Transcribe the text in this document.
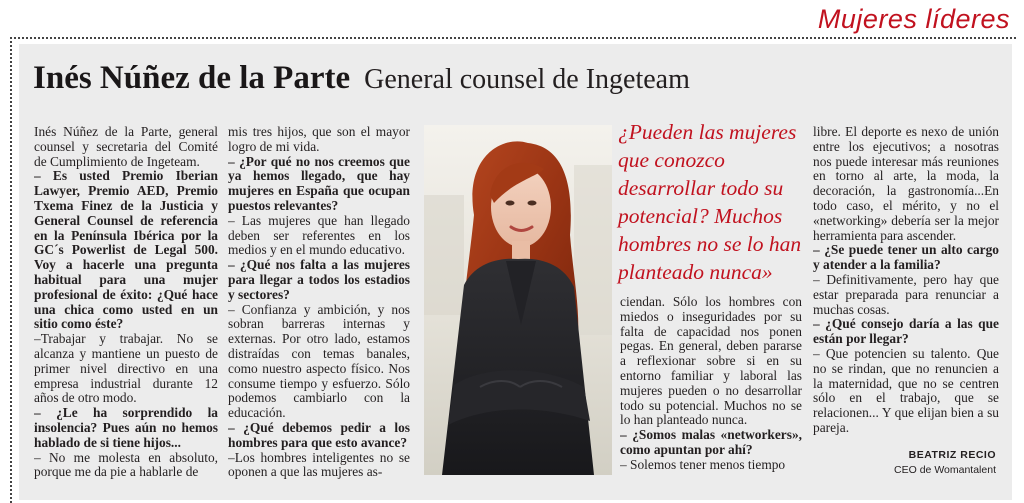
Mujeres líderes
Inés Núñez de la Parte General counsel de Ingeteam

Inés Núñez de la Parte, general counsel y secretaria del Comité de Cumplimiento de Ingeteam.

– Es usted Premio Iberian Lawyer, Premio AED, Premio Txema Finez de la Justicia y General Counsel de referencia en la Península Ibérica por la GC´s Powerlist de Legal 500. Voy a hacerle una pregunta habitual para una mujer profesional de éxito: ¿Qué hace una chica como usted en un sitio como éste?

–Trabajar y trabajar. No se alcanza y mantiene un puesto de primer nivel directivo en una empresa industrial durante 12 años de otro modo.

– ¿Le ha sorprendido la insolencia? Pues aún no hemos hablado de si tiene hijos...

– No me molesta en absoluto, porque me da pie a hablarle de

mis tres hijos, que son el mayor logro de mi vida.

– ¿Por qué no nos creemos que ya hemos llegado, que hay mujeres en España que ocupan puestos relevantes?

– Las mujeres que han llegado deben ser referentes en los medios y en el mundo educativo.

– ¿Qué nos falta a las mujeres para llegar a todos los estadios y sectores?

– Confianza y ambición, y nos sobran barreras internas y externas. Por otro lado, estamos distraídas con temas banales, como nuestro aspecto físico. Nos consume tiempo y esfuerzo. Sólo podemos cambiarlo con la educación.

– ¿Qué debemos pedir a los hombres para que esto avance?

–Los hombres inteligentes no se oponen a que las mujeres as-

¿Pueden las mujeres que conozco desarrollar todo su potencial? Muchos hombres no se lo han planteado nunca»

ciendan. Sólo los hombres con miedos o inseguridades por su falta de capacidad nos ponen pegas. En general, deben pararse a reflexionar sobre si en su entorno familiar y laboral las mujeres pueden o no desarrollar todo su potencial. Muchos no se lo han planteado nunca.

– ¿Somos malas «networkers», como apuntan por ahí?

– Solemos tener menos tiempo

libre. El deporte es nexo de unión entre los ejecutivos; a nosotras nos puede interesar más reuniones en torno al arte, la moda, la decoración, la gastronomía...En todo caso, el mérito, y no el «networking» debería ser la mejor herramienta para ascender.

– ¿Se puede tener un alto cargo y atender a la familia?

– Definitivamente, pero hay que estar preparada para renunciar a muchas cosas.

– ¿Qué consejo daría a las que están por llegar?

– Que potencien su talento. Que no se rindan, que no renuncien a la maternidad, que no se centren sólo en el trabajo, que se relacionen... Y que elijan bien a su pareja.

BEATRIZ RECIO
CEO de Womantalent
